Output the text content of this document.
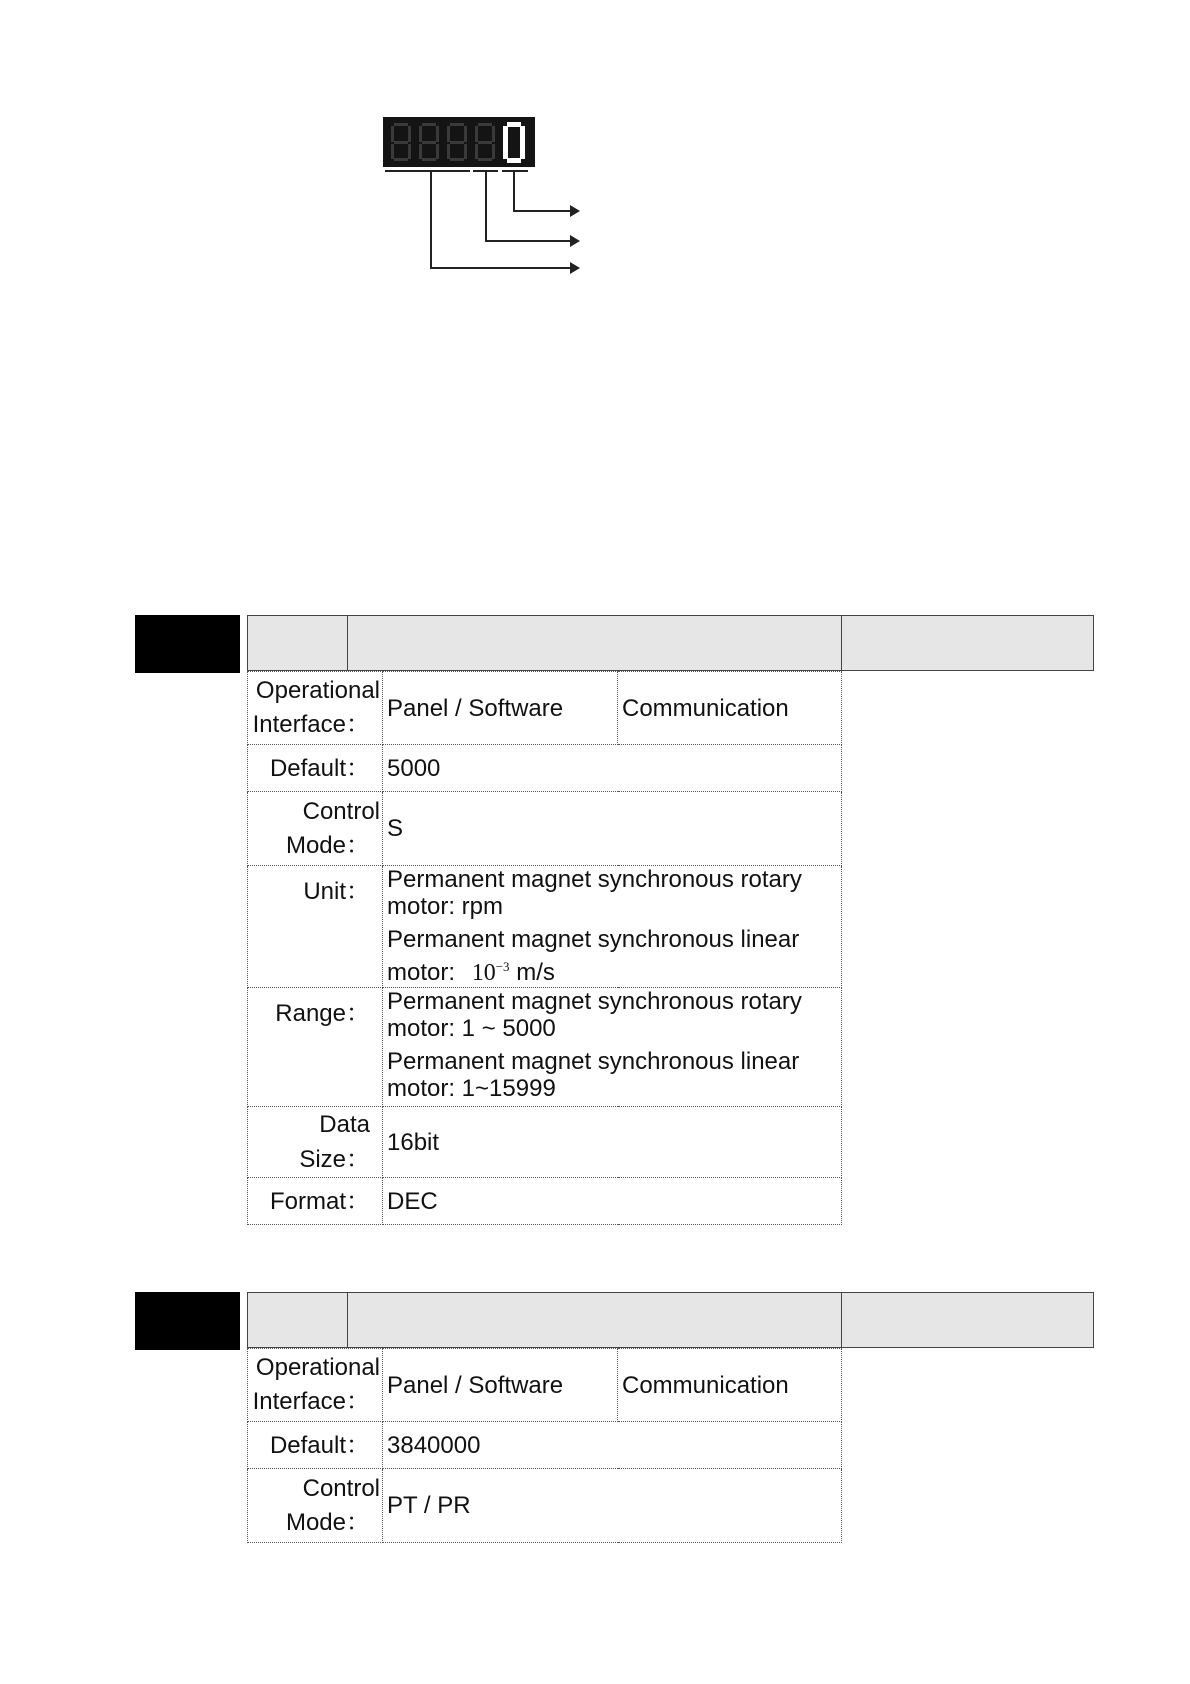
Operational
Interface：	Panel / Software	Communication
Default：	5000	

Control
Mode：	S	
Unit：	Permanent magnet synchronous rotary motor: rpm

Permanent magnet synchronous linear motor: $10^{-3}$ m/s	

Range：	Permanent magnet synchronous rotary motor: 1 ~ 5000

Permanent magnet synchronous linear motor: 1~15999	

Data Size：	16bit	
Format：	DEC	
Operational
Interface：	Panel / Software	Communication
Default：	3840000	

Control
Mode：	PT / PR	
